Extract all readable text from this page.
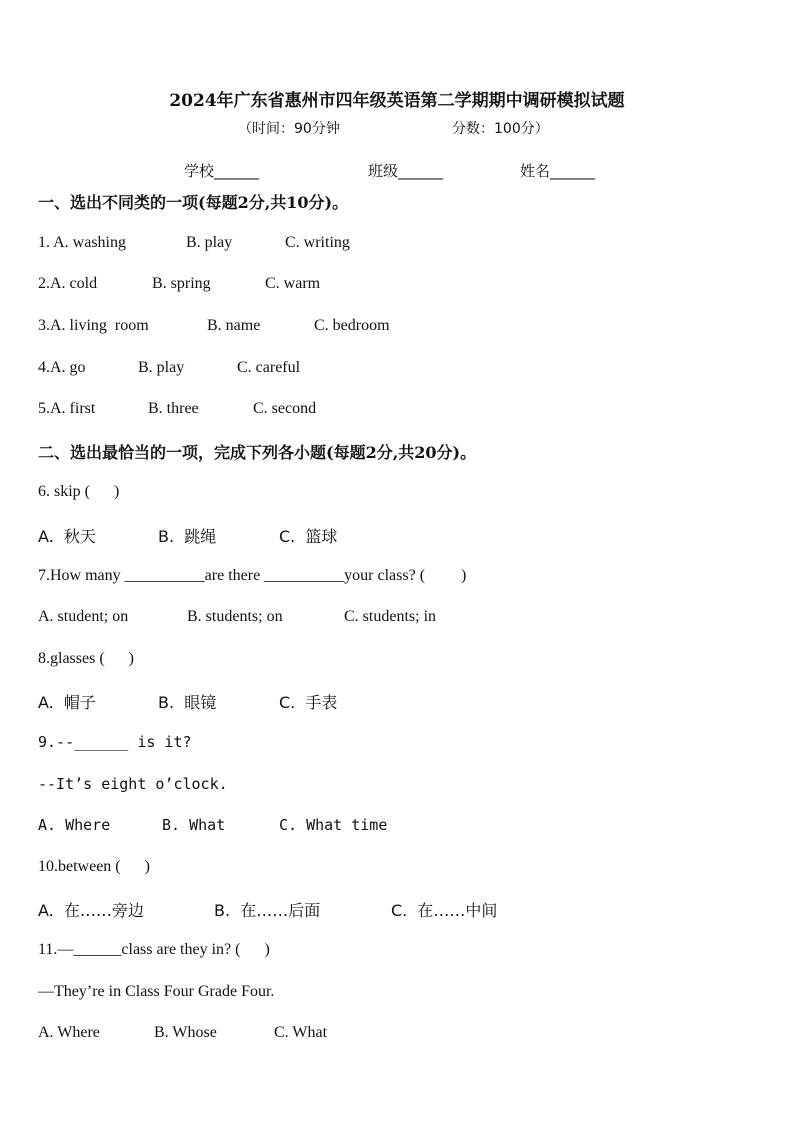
2024年广东省惠州市四年级英语第二学期期中调研模拟试题
（时间：90分钟	分数：100分）
学校______	班级______	姓名______
一、选出不同类的一项(每题2分,共10分)。
1. A. washing	B. play	C. writing
2.A. cold	B. spring	C. warm
3.A. living  room	B. name	C. bedroom
4.A. go	B. play	C. careful
5.A. first	B. three	C. second
二、选出最恰当的一项，完成下列各小题(每题2分,共20分)。
6. skip (      )
A.  秋天	B.  跳绳	C.  篮球
7.How many __________are there __________your class? (         )
A. student; on	B. students; on	C. students; in
8.glasses (      )
A.  帽子	B.  眼镜	C.  手表
9.--______ is it?
--It’s eight o’clock.
A. Where	B. What	C. What time
10.between (      )
A.  在……旁边	B.  在……后面	C.  在……中间
11.—______class are they in? (      )
—They’re in Class Four Grade Four.
A. Where	B. Whose	C. What
